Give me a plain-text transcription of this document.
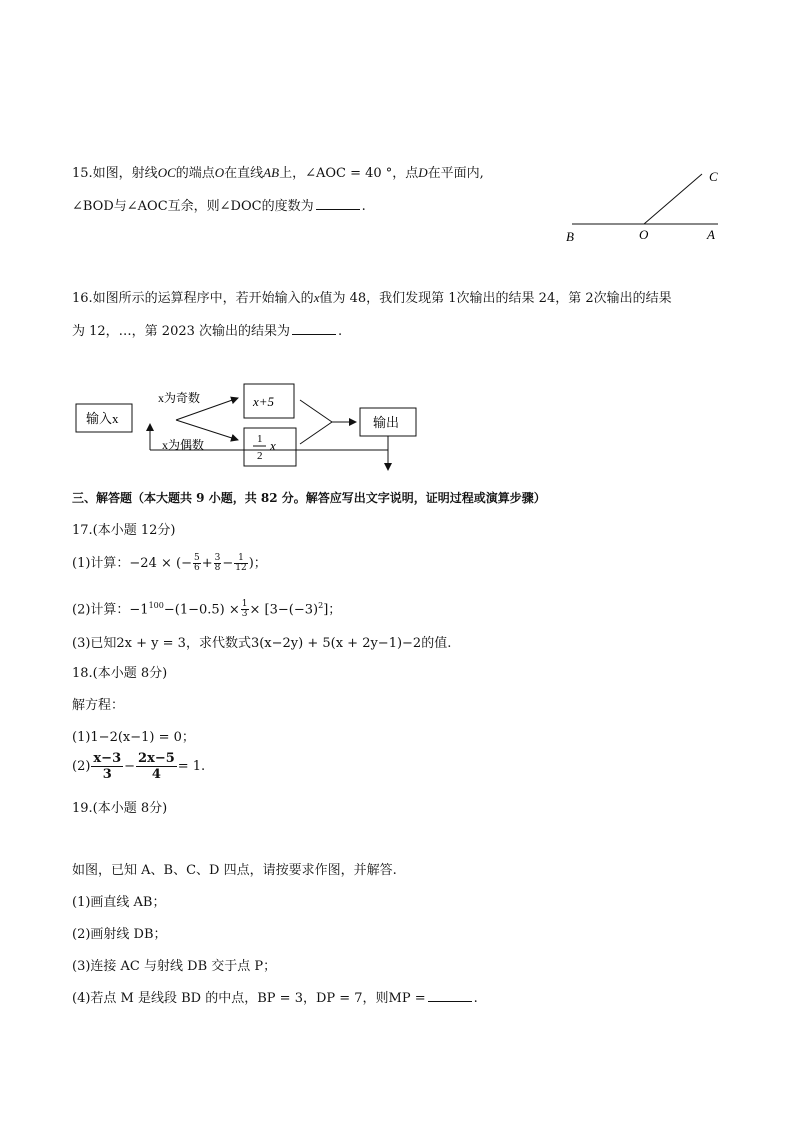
15.如图，射线OC的端点O在直线AB上，∠AOC = 40 °，点D在平面内,
∠BOD与∠AOC互余，则∠DOC的度数为	.
C
B	O	A
16.如图所示的运算程序中，若开始输入的x值为 48，我们发现第 1次输出的结果 24，第 2次输出的结果
为 12，…，第 2023 次输出的结果为	.
输入x
x为奇数
x为偶数
x+5
1
2
x
输出
三、解答题（本大题共 9 小题，共 82 分。解答应写出文字说明，证明过程或演算步骤）
17.(本小题 12分)
(1)计算：−24 × (− $\frac{5}{6} + \frac{3}{8} - \frac{1}{12}$ )；
(2)计算：$-1^{100}-(1-0.5) \times \frac{1}{3} \times [3-(-3)^2]$；
(3)已知2x + y = 3，求代数式3(x−2y) + 5(x + 2y−1)−2的值.
18.(本小题 8分)
解方程：
(1)1−2(x−1) = 0；
$(2) \frac{x-3}{3} - \frac{2x-5}{4} = 1$.
19.(本小题 8分)
如图，已知 A、B、C、D 四点，请按要求作图，并解答.
(1)画直线 AB；
(2)画射线 DB；
(3)连接 AC 与射线 DB 交于点 P；
(4)若点 M 是线段 BD 的中点，BP = 3，DP = 7，则MP =	.
